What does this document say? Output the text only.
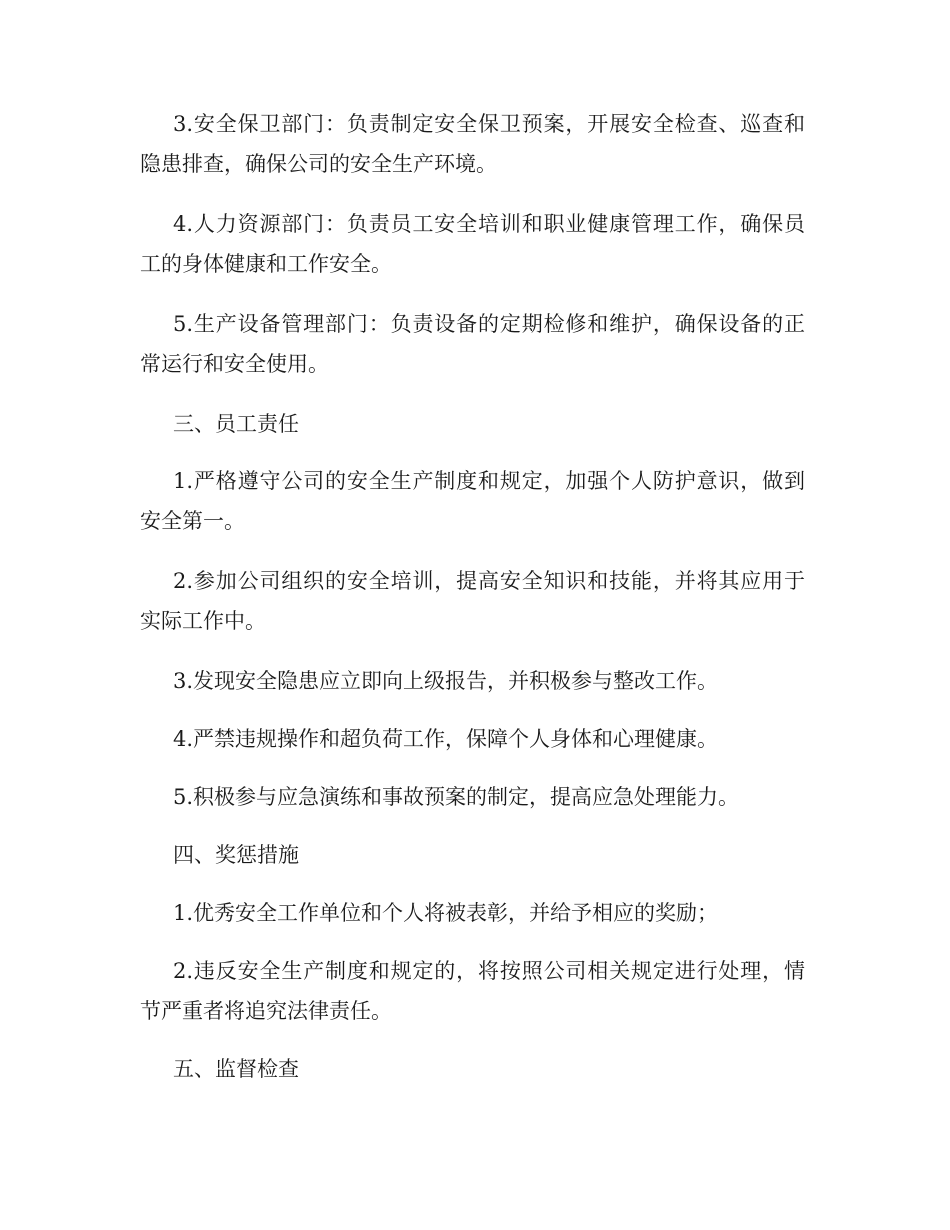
3.安全保卫部门：负责制定安全保卫预案，开展安全检查、巡查和
隐患排查，确保公司的安全生产环境。
4.人力资源部门：负责员工安全培训和职业健康管理工作，确保员
工的身体健康和工作安全。
5.生产设备管理部门：负责设备的定期检修和维护，确保设备的正
常运行和安全使用。
三、员工责任
1.严格遵守公司的安全生产制度和规定，加强个人防护意识，做到
安全第一。
2.参加公司组织的安全培训，提高安全知识和技能，并将其应用于
实际工作中。
3.发现安全隐患应立即向上级报告，并积极参与整改工作。
4.严禁违规操作和超负荷工作，保障个人身体和心理健康。
5.积极参与应急演练和事故预案的制定，提高应急处理能力。
四、奖惩措施
1.优秀安全工作单位和个人将被表彰，并给予相应的奖励；
2.违反安全生产制度和规定的，将按照公司相关规定进行处理，情
节严重者将追究法律责任。
五、监督检查
